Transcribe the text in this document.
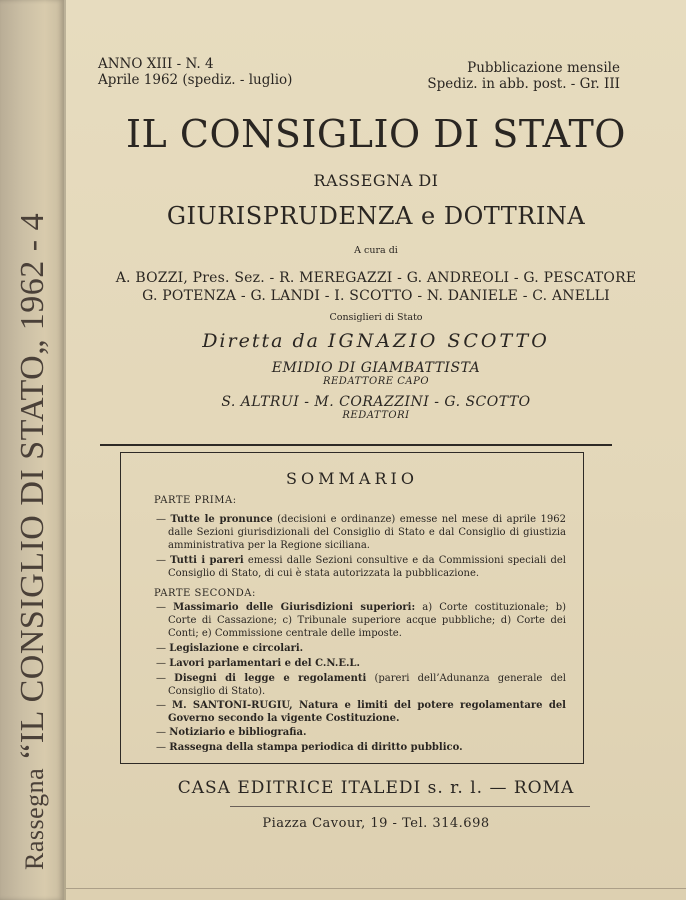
Rassegna “IL CONSIGLIO DI STATO„ 1962 - 4
ANNO XIII - N. 4
Aprile 1962 (spediz. - luglio)
Pubblicazione mensile
Spediz. in abb. post. - Gr. III
IL CONSIGLIO DI STATO
RASSEGNA DI
GIURISPRUDENZA e DOTTRINA
A cura di
A. BOZZI, Pres. Sez. - R. MEREGAZZI - G. ANDREOLI - G. PESCATORE
G. POTENZA - G. LANDI - I. SCOTTO - N. DANIELE - C. ANELLI
Consiglieri di Stato
Diretta da IGNAZIO SCOTTO
EMIDIO DI GIAMBATTISTA
REDATTORE CAPO
S. ALTRUI - M. CORAZZINI - G. SCOTTO
REDATTORI
SOMMARIO
PARTE PRIMA:
— Tutte le pronunce (decisioni e ordinanze) emesse nel mese di aprile 1962 dalle Sezioni giurisdizionali del Consiglio di Stato e dal Consiglio di giustizia amministrativa per la Regione siciliana.
— Tutti i pareri emessi dalle Sezioni consultive e da Commissioni speciali del Consiglio di Stato, di cui è stata autorizzata la pubblicazione.
PARTE SECONDA:
— Massimario delle Giurisdizioni superiori: a) Corte costituzionale; b) Corte di Cassazione; c) Tribunale superiore acque pubbliche; d) Corte dei Conti; e) Commissione centrale delle imposte.
— Legislazione e circolari.
— Lavori parlamentari e del C.N.E.L.
— Disegni di legge e regolamenti (pareri dell’Adunanza generale del Consiglio di Stato).
— M. SANTONI-RUGIU, Natura e limiti del potere regolamentare del Governo secondo la vigente Costituzione.
— Notiziario e bibliografia.
— Rassegna della stampa periodica di diritto pubblico.
CASA EDITRICE ITALEDI s. r. l. — ROMA
Piazza Cavour, 19 - Tel. 314.698
